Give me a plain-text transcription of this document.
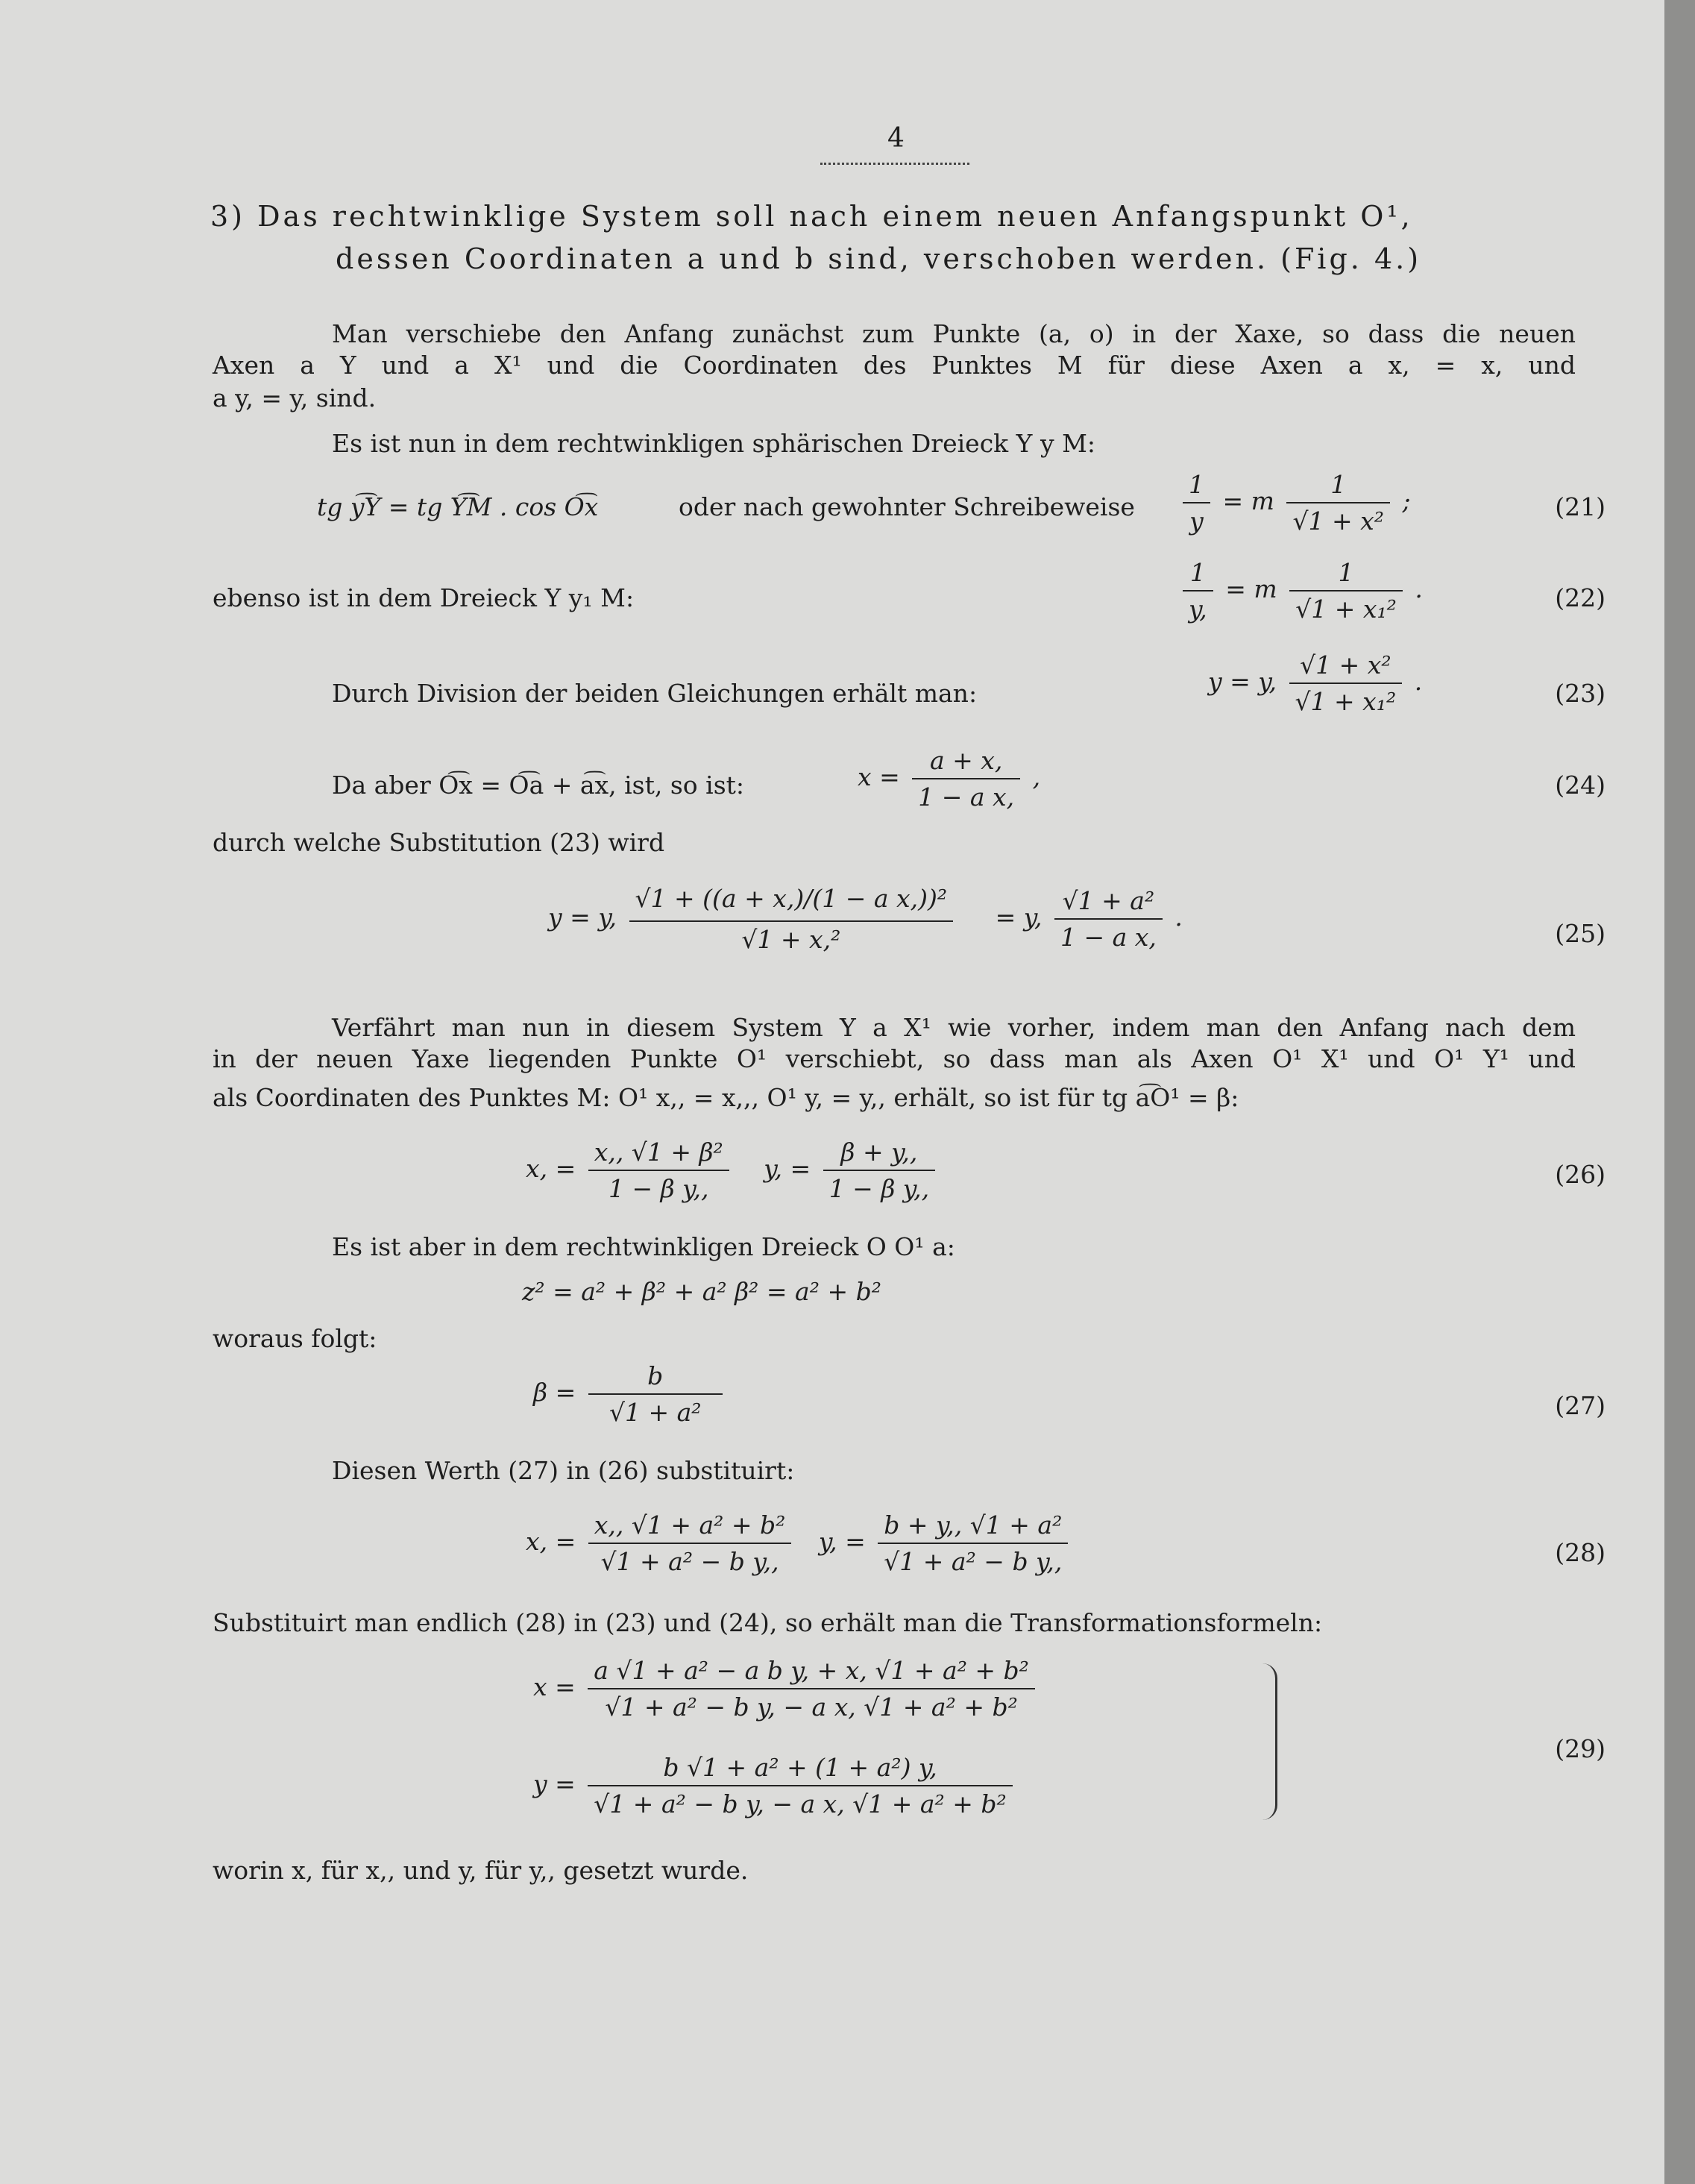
4
3) Das rechtwinklige System soll nach einem neuen Anfangspunkt O¹,
dessen Coordinaten a und b sind, verschoben werden. (Fig. 4.)
Man verschiebe den Anfang zunächst zum Punkte (a, o) in der Xaxe, so dass die neuen
Axen a Y und a X¹ und die Coordinaten des Punktes M für diese Axen a x, = x, und
a y, = y, sind.
Es ist nun in dem rechtwinkligen sphärischen Dreieck Y y M:
tg y͡Y = tg Y͡M . cos O͡x	oder nach gewohnter Schreibeweise $\frac{1}{y} = m \frac{1}{\text{√1 + x²}}$ ;	(21)
ebenso ist in dem Dreieck Y y₁ M:	$\frac{1}{y,} = m \frac{1}{\text{√1 + x₁²}}$ .	(22)
Durch Division der beiden Gleichungen erhält man:	y = y, $\frac{\text{√1 + x²}}{\text{√1 + x₁²}}$ .	(23)
Da aber O͡x = O͡a + a͡x, ist, so ist:	$x = \frac{a + x,}{\text{1 − a x,}}$ ,	(24)
durch welche Substitution (23) wird
y = y, $\frac{\text{√1 + ((a + x,)/(1 − a x,))²}}{\text{√1 + x,²}} = y$, $\frac{\text{√1 + a²}}{\text{1 − a x,}}$ .
(25)
Verfährt man nun in diesem System Y a X¹ wie vorher, indem man den Anfang nach dem
in der neuen Yaxe liegenden Punkte O¹ verschiebt, so dass man als Axen O¹ X¹ und O¹ Y¹ und
als Coordinaten des Punktes M: O¹ x,, = x,,, O¹ y, = y,, erhält, so ist für tg a͡O¹ = β:
x, = $\frac{\text{x,, √1 + β²}}{\text{1 − β y,,}} y$, = $\frac{\beta + y,,}{\text{1 − β y,,}}$	(26)
Es ist aber in dem rechtwinkligen Dreieck O O¹ a:
z² = a² + β² + a² β² = a² + b²
woraus folgt:
$\beta = \frac{b}{\text{√1 + a²}}$	(27)
Diesen Werth (27) in (26) substituirt:
x, = $\frac{\text{x,, √1 + a² + b²}}{\text{√1 + a² − b y,,}} y$, = $\frac{\text{b + y,, √1 + a²}}{\text{√1 + a² − b y,,}}$	(28)
Substituirt man endlich (28) in (23) und (24), so erhält man die Transformationsformeln:
$x = \frac{\text{a √1 + a² − a b y, + x, √1 + a² + b²}}{\text{√1 + a² − b y, − a x, √1 + a² + b²}}$
$y = \frac{\text{b √1 + a² + (1 + a²) y,}}{\text{√1 + a² − b y, − a x, √1 + a² + b²}}$
(29)
worin x, für x,, und y, für y,, gesetzt wurde.
